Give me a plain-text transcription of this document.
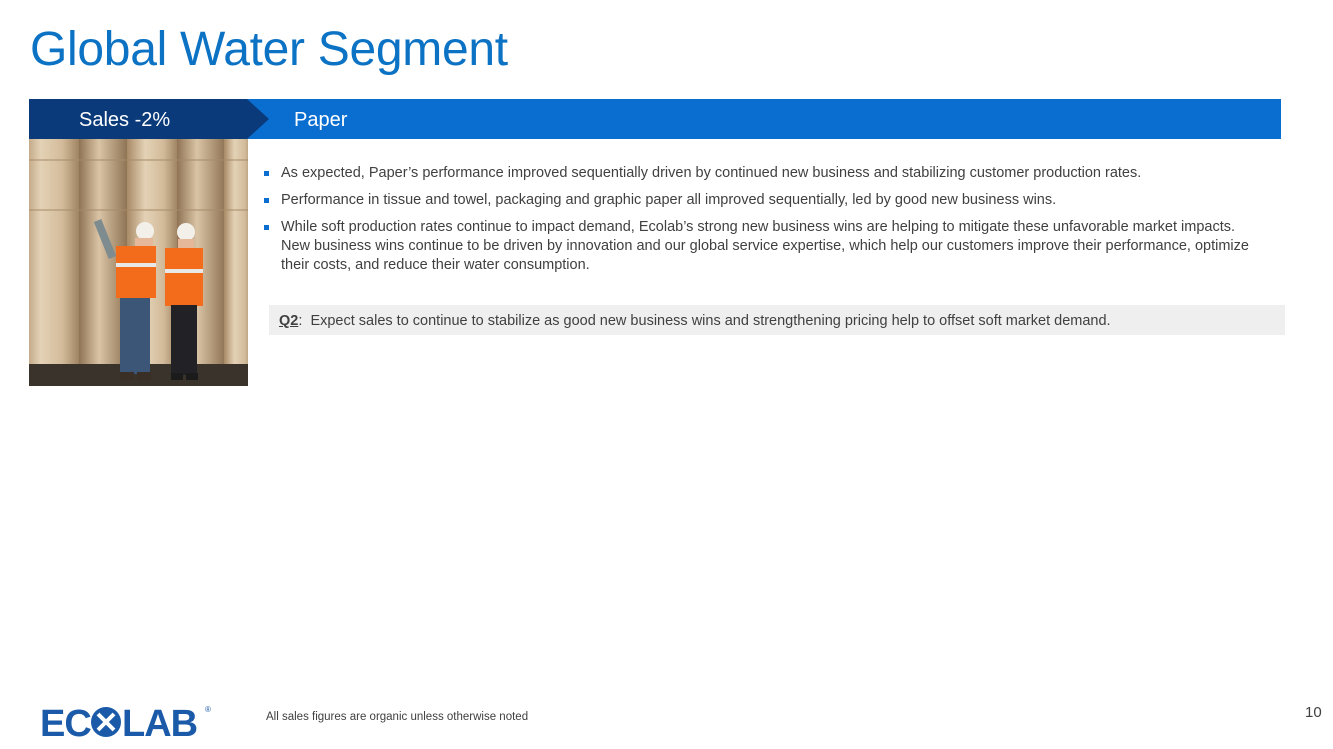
Global Water Segment
Sales -2%	Paper
As expected, Paper’s performance improved sequentially driven by continued new business and stabilizing customer production rates.
Performance in tissue and towel, packaging and graphic paper all improved sequentially, led by good new business wins.
While soft production rates continue to impact demand, Ecolab’s strong new business wins are helping to mitigate these unfavorable market impacts. New business wins continue to be driven by innovation and our global service expertise, which help our customers improve their performance, optimize their costs, and reduce their water consumption.
Q2: Expect sales to continue to stabilize as good new business wins and strengthening pricing help to offset soft market demand.
EC LAB ®
All sales figures are organic unless otherwise noted	10
